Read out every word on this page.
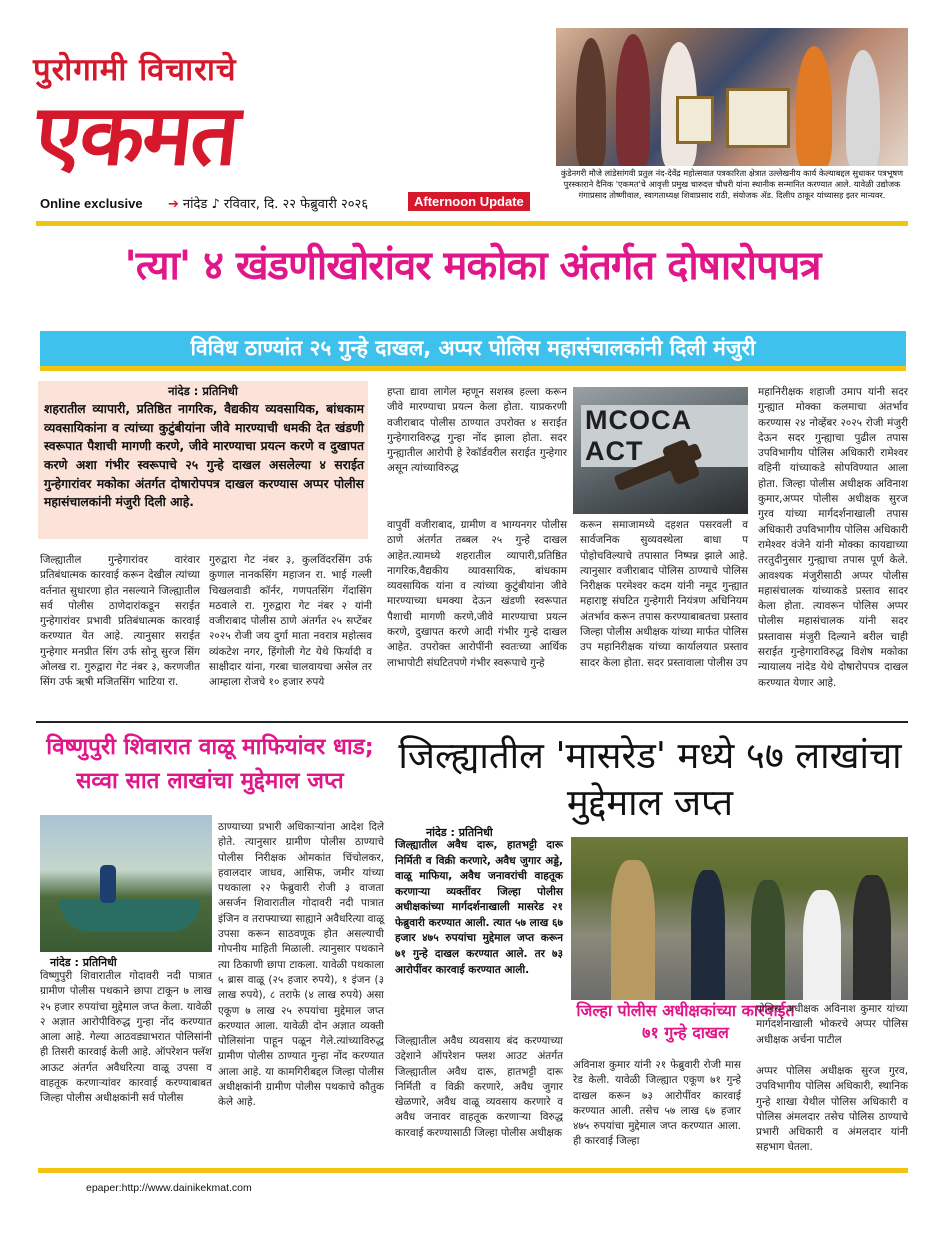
पुरोगामी विचाराचे
एकमत
Online exclusive ➔ नांदेड ♪ रविवार, दि. २२ फेब्रुवारी २०२६	Afternoon Update
कुंडेनगरी मौजे लांडेसांगवी प्रतुल नंद-देवेंद्र महोत्सवात पत्रकारिता क्षेत्रात उल्लेखनीय कार्य केल्याबद्दल सुधाकर पत्रभूषण पुरस्काराने दैनिक 'एकमत'चे आवृत्ती प्रमुख चारुदत्त चौधरी यांना स्थानीक सन्मानित करण्यात आले. यावेळी उद्योजक गंगाप्रसाद तोष्णीवाल, स्वागताध्यक्ष शिवाप्रसाद राठी, संयोजक ॲड. दिलीप ठाकूर यांच्यासह इतर मान्यवर.
'त्या' ४ खंडणीखोरांवर मकोका अंतर्गत दोषारोपपत्र
विविध ठाण्यांत २५ गुन्हे दाखल, अप्पर पोलिस महासंचालकांनी दिली मंजुरी
नांदेड : प्रतिनिधी
शहरातील व्यापारी, प्रतिष्ठित नागरिक, वैद्यकीय व्यवसायिक, बांधकाम व्यवसायिकांना व त्यांच्या कुटुंबीयांना जीवे मारण्याची धमकी देत खंडणी स्वरूपात पैशाची मागणी करणे, जीवे मारण्याचा प्रयत्न करणे व दुखापत करणे अशा गंभीर स्वरूपाचे २५ गुन्हे दाखल असलेल्या ४ सराईत गुन्हेगारांवर मकोका अंतर्गत दोषारोपपत्र दाखल करण्यास अप्पर पोलीस महासंचालकांनी मंजुरी दिली आहे.
जिल्ह्यातील गुन्हेगारांवर वारंवार प्रतिबंधात्मक कारवाई करून देखील त्यांच्या वर्तनात सुधारणा होत नसल्याने जिल्ह्यातील सर्व पोलीस ठाणेदारांकडून सराईत गुन्हेगारांवर प्रभावी प्रतिबंधात्मक कारवाई करण्यात येत आहे. त्यानुसार सराईत गुन्हेगार मनप्रीत सिंग उर्फ सोनू सुरज सिंग ओलख रा. गुरुद्वारा गेट नंबर ३, करणजीत सिंग उर्फ ऋषी मजितसिंग भाटिया रा.
गुरुद्वारा गेट नंबर ३, कुलविंदरसिंग उर्फ कुणाल नानकसिंग महाजन रा. भाई गल्ली चिखलवाडी कॉर्नर, गणपतसिंग गेंदासिंग मठवाले रा. गुरुद्वारा गेट नंबर २ यांनी वजीराबाद पोलीस ठाणे अंतर्गत २५ सप्टेंबर २०२५ रोजी जय दुर्गा माता नवरात्र महोत्सव व्यंकटेश नगर, हिंगोली गेट येथे फिर्यादी व साक्षीदार यांना, गरबा चालवायचा असेल तर आम्हाला रोजचे १० हजार रुपये
हप्ता द्यावा लागेल म्हणून सशस्त्र हल्ला करून जीवे मारण्याचा प्रयत्न केला होता. याप्रकरणी वजीराबाद पोलीस ठाण्यात उपरोक्त ४ सराईत गुन्हेगाराविरुद्ध गुन्हा नोंद झाला होता. सदर गुन्ह्यातील आरोपी हे रेकॉर्डवरील सराईत गुन्हेगार असून त्यांच्याविरुद्ध
MCOCA ACT
वापुर्वी वजीराबाद, ग्रामीण व भाग्यनगर पोलीस ठाणे अंतर्गत तब्बल २५ गुन्हे दाखल आहेत.त्यामध्ये शहरातील व्यापारी,प्रतिष्ठित नागरिक,वैद्यकीय व्यावसायिक, बांधकाम व्यवसायिक यांना व त्यांच्या कुटुंबीयांना जीवे मारण्याच्या धमक्या देऊन खंडणी स्वरूपात पैशाची मागणी करणे,जीवे मारण्याचा प्रयत्न करणे, दुखापत करणे आदी गंभीर गुन्हे दाखल आहेत. उपरोक्त आरोपींनी स्वतःच्या आर्थिक लाभापोटी संघटितपणे गंभीर स्वरूपाचे गुन्हे
करून समाजामध्ये दहशत पसरवली व सार्वजनिक सुव्यवस्थेला बाधा प पोहोचविल्याचे तपासात निष्पन्न झाले आहे. त्यानुसार वजीराबाद पोलिस ठाण्याचे पोलिस निरीक्षक परमेश्वर कदम यांनी नमूद गुन्ह्यात महाराष्ट्र संघटित गुन्हेगारी नियंत्रण अधिनियम अंतर्भाव करून तपास करण्याबाबतचा प्रस्ताव जिल्हा पोलीस अधीक्षक यांच्या मार्फत पोलिस उप महानिरीक्षक यांच्या कार्यालयात प्रस्ताव सादर केला होता. सदर प्रस्तावाला पोलीस उप
महानिरीक्षक शहाजी उमाप यांनी सदर गुन्ह्यात मोक्का कलमाचा अंतर्भाव करण्यास २४ नोव्हेंबर २०२५ रोजी मंजुरी देऊन सदर गुन्ह्याचा पुढील तपास उपविभागीय पोलिस अधिकारी रामेश्वर वहिनी यांच्याकडे सोपविण्यात आला होता. जिल्हा पोलीस अधीक्षक अविनाश कुमार,अप्पर पोलीस अधीक्षक सुरज गुरव यांच्या मार्गदर्शनाखाली तपास अधिकारी उपविभागीय पोलिस अधिकारी रामेश्वर वंजेने यांनी मोक्का कायद्याच्या तरतुदीनुसार गुन्ह्याचा तपास पूर्ण केले. आवश्यक मंजुरीसाठी अप्पर पोलीस महासंचालक यांच्याकडे प्रस्ताव सादर केला होता. त्यावरून पोलिस अप्पर पोलीस महासंचालक यांनी सदर प्रस्तावास मंजुरी दिल्याने बरील चाही सराईत गुन्हेगाराविरुद्ध विशेष मकोका न्यायालय नांदेड येथे दोषारोपपत्र दाखल करण्यात येणार आहे.
विष्णुपुरी शिवारात वाळू माफियांवर धाड; सव्वा सात लाखांचा मुद्देमाल जप्त
नांदेड : प्रतिनिधी
विष्णुपुरी शिवारातील गोदावरी नदी पात्रात ग्रामीण पोलीस पथकाने छापा टाकून ७ लाख २५ हजार रुपयांचा मुद्देमाल जप्त केला. यावेळी २ अज्ञात आरोपीविरुद्ध गुन्हा नोंद करण्यात आला आहे. गेल्या आठवड्याभरात पोलिसांनी ही तिसरी कारवाई केली आहे. ऑपरेशन फ्लॅश आऊट अंतर्गत अवैधरित्या वाळू उपसा व वाहतूक करणाऱ्यांवर कारवाई करण्याबाबत जिल्हा पोलीस अधीक्षकांनी सर्व पोलीस
ठाण्याच्या प्रभारी अधिकाऱ्यांना आदेश दिले होते. त्यानुसार ग्रामीण पोलीस ठाण्याचे पोलीस निरीक्षक ओमकांत चिंचोलकर, हवालदार जाधव, आसिफ, जमीर यांच्या पथकाला २२ फेब्रुवारी रोजी ३ वाजता असर्जन शिवारातील गोदावरी नदी पात्रात इंजिन व तराफ्याच्या साह्याने अवैधरित्या वाळू उपसा करून साठवणूक होत असल्याची गोपनीय माहिती मिळाली. त्यानुसार पथकाने त्या ठिकाणी छापा टाकला. यावेळी पथकाला ५ ब्रास वाळू (२५ हजार रुपये), १ इंजन (३ लाख रुपये), ८ तराफे (४ लाख रुपये) असा एकूण ७ लाख २५ रुपयांचा मुद्देमाल जप्त करण्यात आला. यावेळी दोन अज्ञात व्यक्ती पोलिसांना पाहून पळून गेले.त्यांच्याविरुद्ध ग्रामीण पोलीस ठाण्यात गुन्हा नोंद करण्यात आला आहे. या कामगिरीबद्दल जिल्हा पोलीस अधीक्षकांनी ग्रामीण पोलीस पथकाचे कौतुक केले आहे.
जिल्ह्यातील 'मासरेड' मध्ये ५७ लाखांचा मुद्देमाल जप्त
नांदेड : प्रतिनिधी
जिल्ह्यातील अवैध दारू, हातभट्टी दारू निर्मिती व विक्री करणारे, अवैध जुगार अड्डे, वाळू माफिया, अवैध जनावरांची वाहतूक करणाऱ्या व्यक्तींवर जिल्हा पोलीस अधीक्षकांच्या मार्गदर्शनाखाली मासरेड २१ फेब्रुवारी करण्यात आली. त्यात ५७ लाख ६७ हजार ४७५ रुपयांचा मुद्देमाल जप्त करून ७१ गुन्हे दाखल करण्यात आले. तर ७३ आरोपींवर कारवाई करण्यात आली.
जिल्ह्यातील अवैध व्यवसाय बंद करण्याच्या उद्देशाने ऑपरेशन फ्लश आउट अंतर्गत जिल्ह्यातील अवैध दारू, हातभट्टी दारू निर्मिती व विक्री करणारे, अवैध जुगार खेळणारे, अवैध वाळू व्यवसाय करणारे व अवैध जनावर वाहतूक करणाऱ्या विरुद्ध कारवाई करण्यासाठी जिल्हा पोलीस अधीक्षक
जिल्हा पोलीस अधीक्षकांच्या कारवाईत ७१ गुन्हे दाखल
अविनाश कुमार यांनी २१ फेब्रुवारी रोजी मास रेड केली. यावेळी जिल्ह्यात एकूण ७१ गुन्हे दाखल करून ७३ आरोपींवर कारवाई करण्यात आली. तसेच ५७ लाख ६७ हजार ४७५ रुपयांचा मुद्देमाल जप्त करण्यात आला. ही कारवाई जिल्हा
पोलिस अधीक्षक अविनाश कुमार यांच्या मार्गदर्शनाखाली भोकरचे अप्पर पोलिस अधीक्षक अर्चना पाटील
अप्पर पोलिस अधीक्षक सुरज गुरव, उपविभागीय पोलिस अधिकारी, स्थानिक गुन्हे शाखा येथील पोलिस अधिकारी व पोलिस अंमलदार तसेच पोलिस ठाण्याचे प्रभारी अधिकारी व अंमलदार यांनी सहभाग घेतला.
epaper:http://www.dainikekmat.com
